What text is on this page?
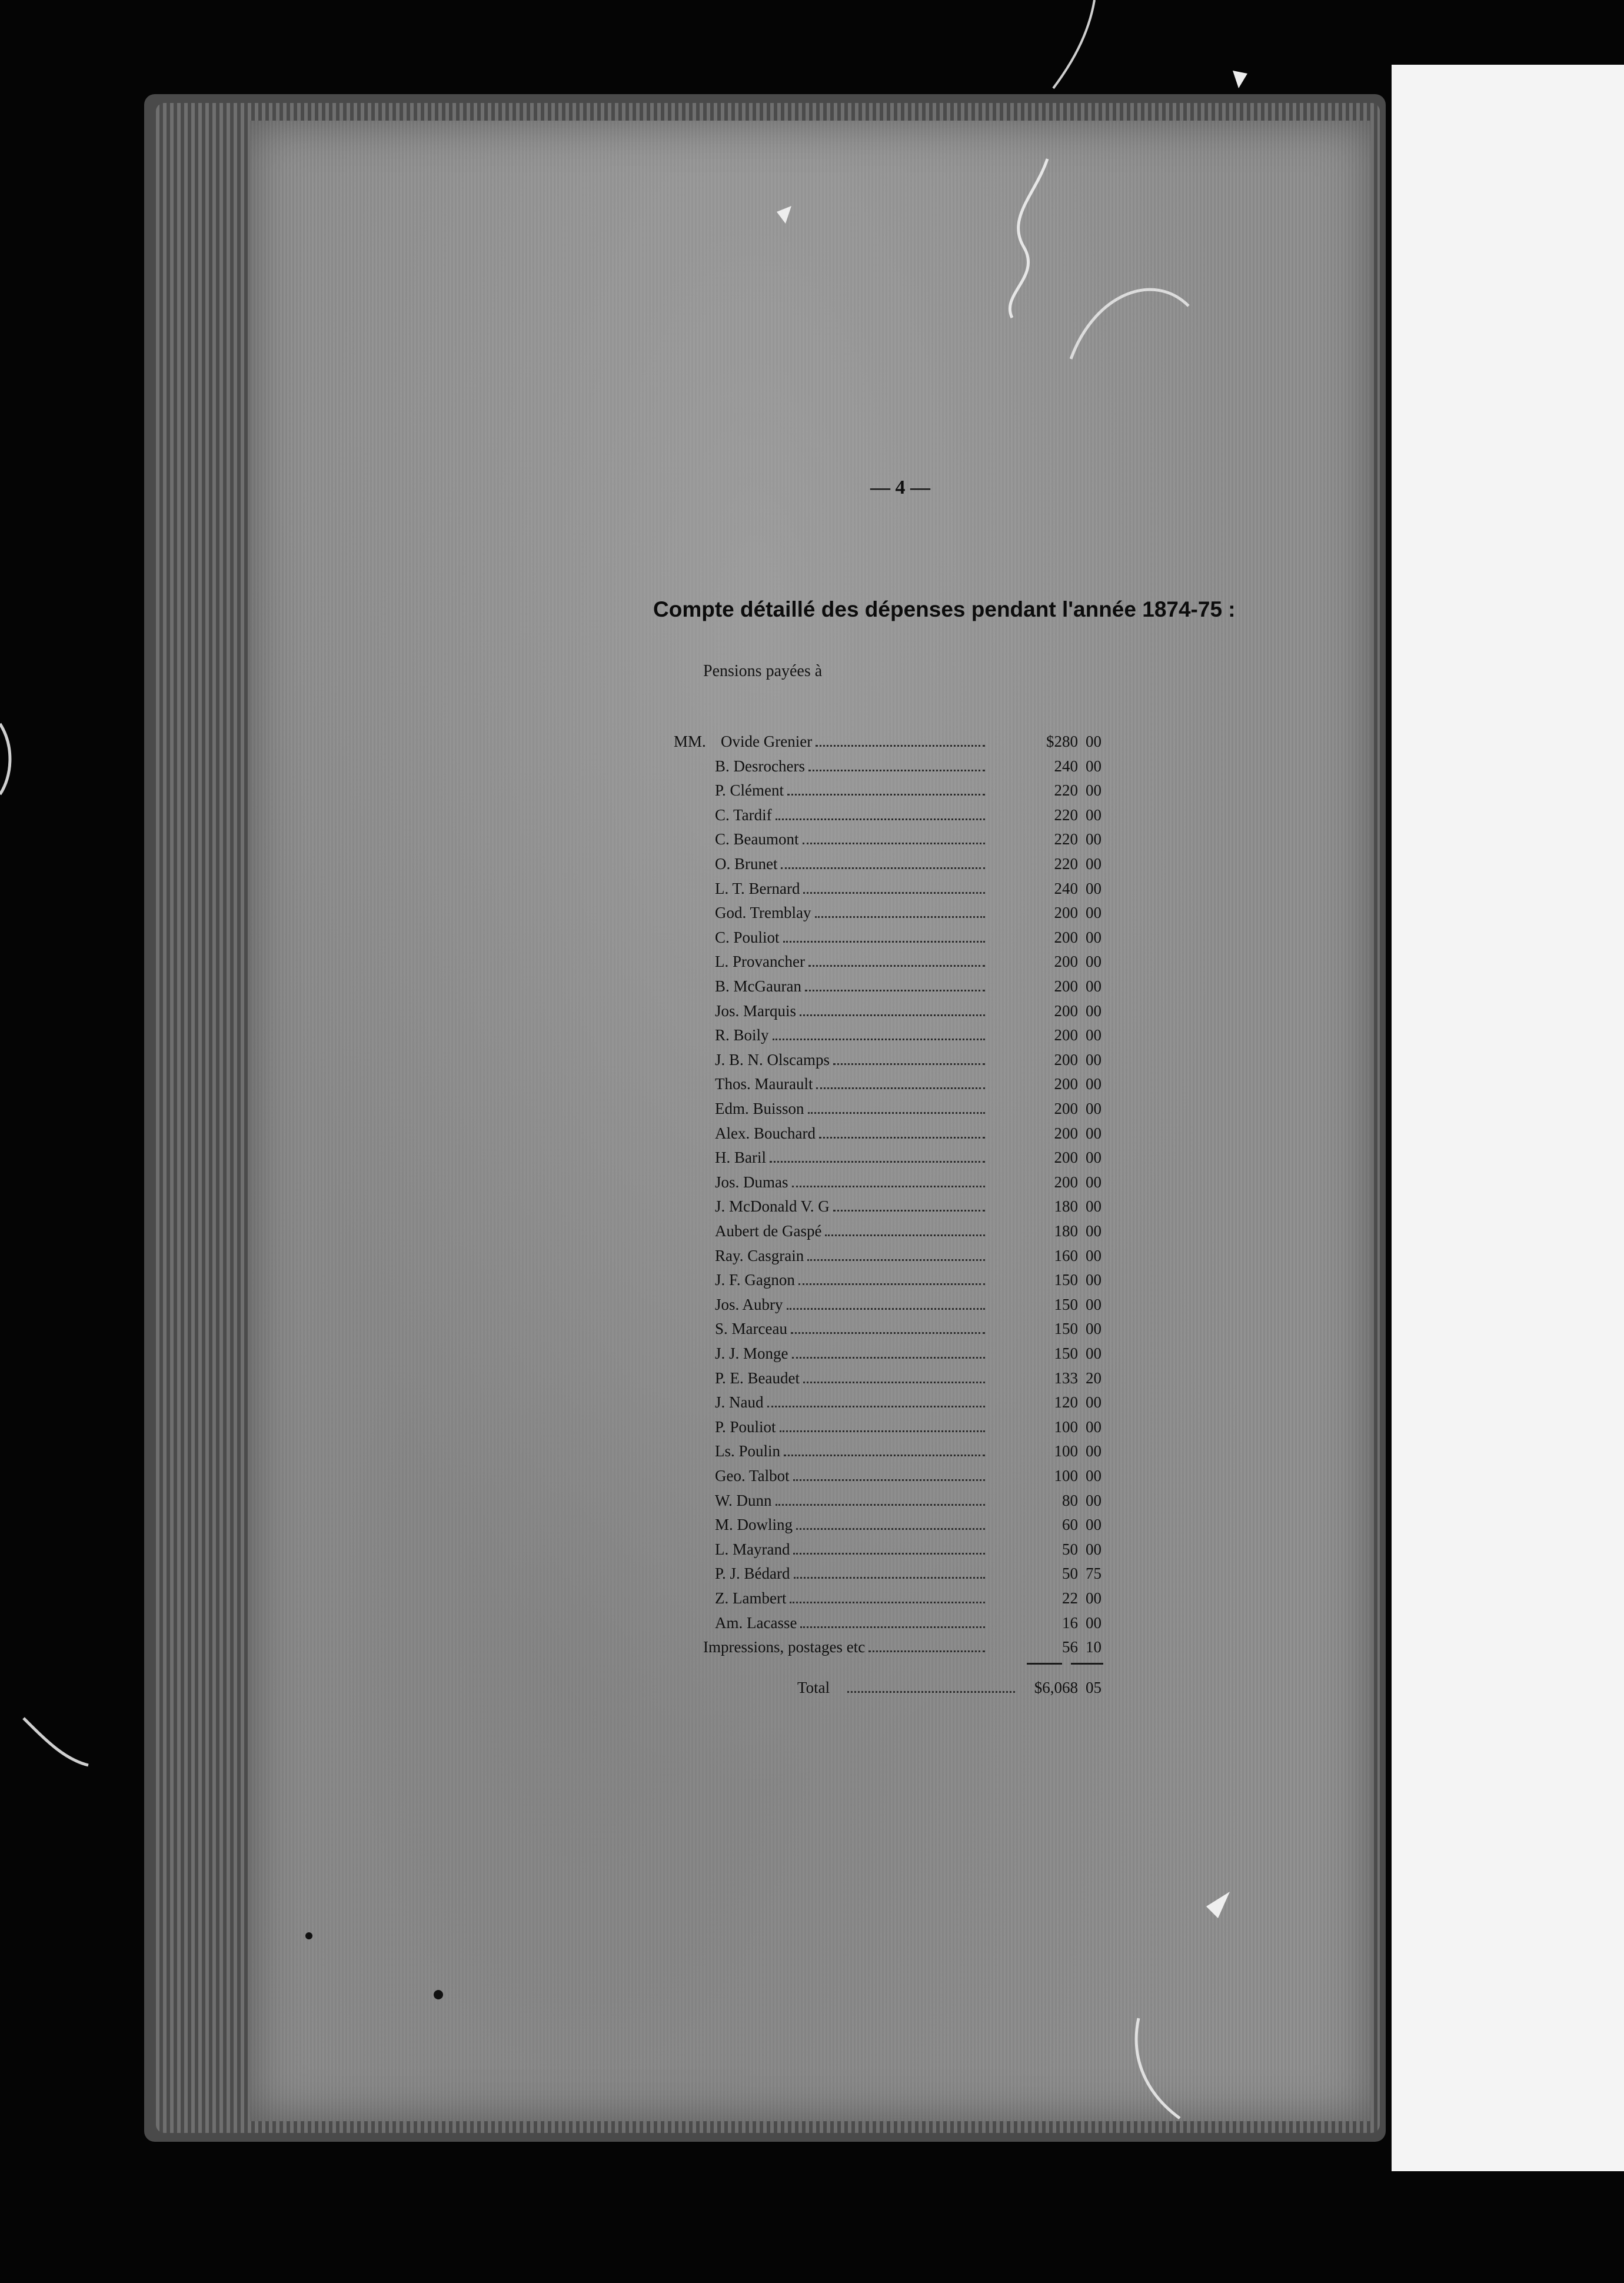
— 4 —
Compte détaillé des dépenses pendant l'année 1874-75 :
Pensions payées à
MM. Ovide Grenier	$280 00
B. Desrochers	240 00
P. Clément	220 00
C. Tardif	220 00
C. Beaumont	220 00
O. Brunet	220 00
L. T. Bernard	240 00
God. Tremblay	200 00
C. Pouliot	200 00
L. Provancher	200 00
B. McGauran	200 00
Jos. Marquis	200 00
R. Boily	200 00
J. B. N. Olscamps	200 00
Thos. Maurault	200 00
Edm. Buisson	200 00
Alex. Bouchard	200 00
H. Baril	200 00
Jos. Dumas	200 00
J. McDonald V. G	180 00
Aubert de Gaspé	180 00
Ray. Casgrain	160 00
J. F. Gagnon	150 00
Jos. Aubry	150 00
S. Marceau	150 00
J. J. Monge	150 00
P. E. Beaudet	133 20
J. Naud	120 00
P. Pouliot	100 00
Ls. Poulin	100 00
Geo. Talbot	100 00
W. Dunn	80 00
M. Dowling	60 00
L. Mayrand	50 00
P. J. Bédard	50 75
Z. Lambert	22 00
Am. Lacasse	16 00
Impressions, postages etc	56 10
Total	$6,068 05
